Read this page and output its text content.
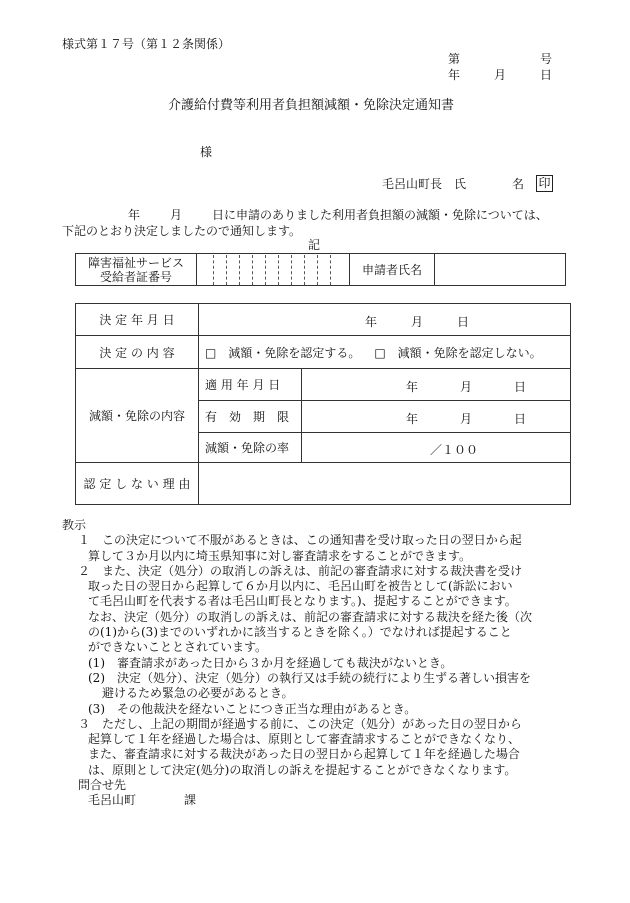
様式第１７号（第１２条関係）
第	号
年	月	日
介護給付費等利用者負担額減額・免除決定通知書
様
毛呂山町長　氏	名 印
年 月 日に申請のありました利用者負担額の減額・免除については、
下記のとおり決定しましたので通知します。
記
障害福祉サービス
受給者証番号		申請者氏名	
決 定 年 月 日	年 月 日	

決 定 の 内 容	□　減額・免除を認定する。 □　減額・免除を認定しない。	
減額・免除の内容	適 用 年 月 日	年 月 日

	有　効　期　限	年 月 日

	減額・免除の率	／１００

認 定 し な い 理 由		
教示
１　この決定について不服があるときは、この通知書を受け取った日の翌日から起
算して３か月以内に埼玉県知事に対し審査請求をすることができます。
２　また、決定（処分）の取消しの訴えは、前記の審査請求に対する裁決書を受け
取った日の翌日から起算して６か月以内に、毛呂山町を被告として(訴訟におい
て毛呂山町を代表する者は毛呂山町長となります。)、提起することができます。
なお、決定（処分）の取消しの訴えは、前記の審査請求に対する裁決を経た後（次
の(1)から(3)までのいずれかに該当するときを除く。）でなければ提起すること
ができないこととされています。
(1)　審査請求があった日から３か月を経過しても裁決がないとき。
(2)　決定（処分）、決定（処分）の執行又は手続の続行により生ずる著しい損害を
避けるため緊急の必要があるとき。
(3)　その他裁決を経ないことにつき正当な理由があるとき。
３　ただし、上記の期間が経過する前に、この決定（処分）があった日の翌日から
起算して１年を経過した場合は、原則として審査請求することができなくなり、
また、審査請求に対する裁決があった日の翌日から起算して１年を経過した場合
は、原則として決定(処分)の取消しの訴えを提起することができなくなります。
問合せ先
毛呂山町　　　　課
